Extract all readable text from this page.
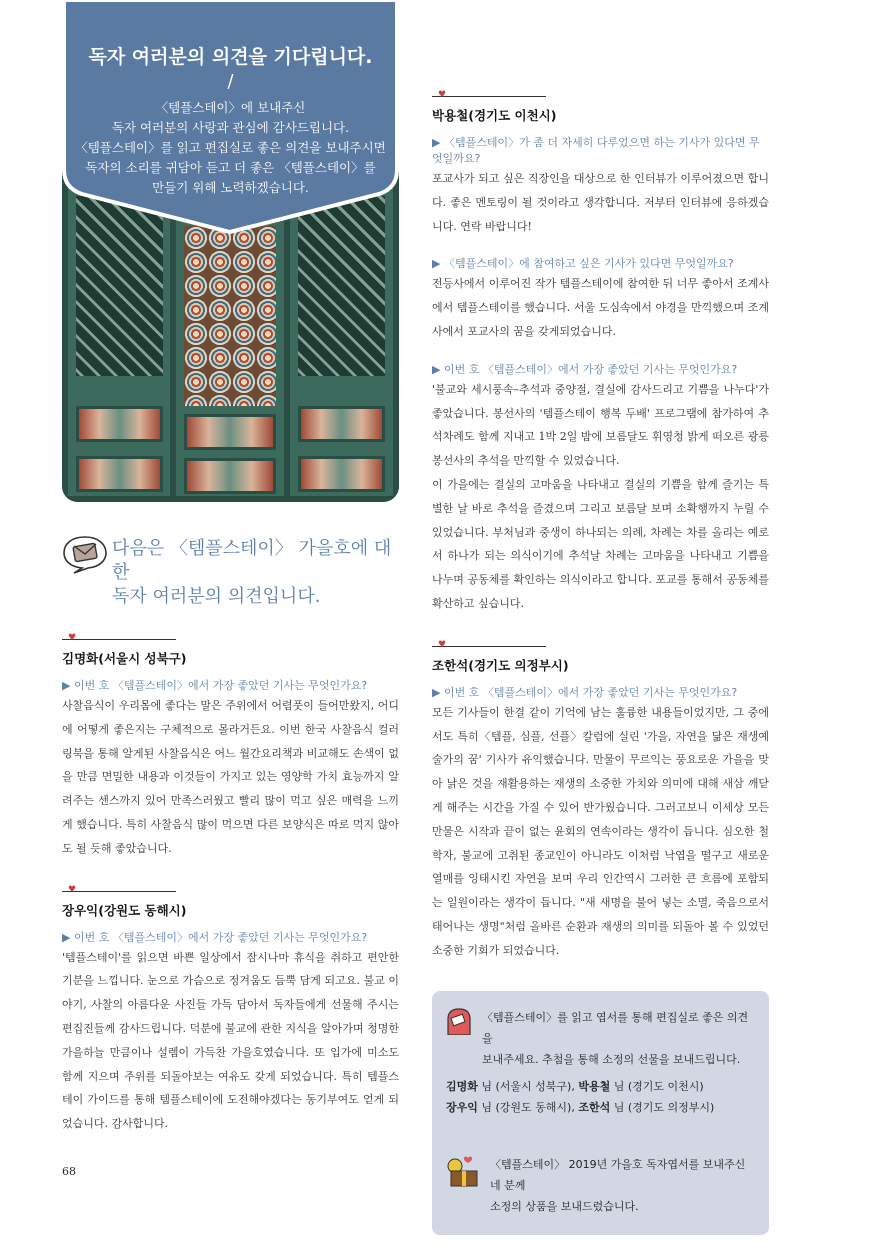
독자 여러분의 의견을 기다립니다.
/
〈템플스테이〉에 보내주신
독자 여러분의 사랑과 관심에 감사드립니다.
〈템플스테이〉를 읽고 편집실로 좋은 의견을 보내주시면
독자의 소리를 귀담아 듣고 더 좋은 〈템플스테이〉를
만들기 위해 노력하겠습니다.
다음은 〈템플스테이〉 가을호에 대한
독자 여러분의 의견입니다.
♥
김명화(서울시 성북구)
▶ 이번 호 〈템플스테이〉에서 가장 좋았던 기사는 무엇인가요?
사찰음식이 우리몸에 좋다는 말은 주위에서 어렴풋이 들어만왔지, 어디에 어떻게 좋은지는 구체적으로 몰라거든요. 이번 한국 사찰음식 컬러링북을 통해 알게된 사찰음식은 어느 월간요리책과 비교해도 손색이 없을 만큼 면밀한 내용과 이것들이 가지고 있는 영양학 가치 효능까지 알려주는 센스까지 있어 만족스러웠고 빨리 많이 먹고 싶은 매력을 느끼게 했습니다. 특히 사찰음식 많이 먹으면 다른 보양식은 따로 먹지 않아도 될 듯해 좋았습니다.
♥
장우익(강원도 동해시)
▶ 이번 호 〈템플스테이〉에서 가장 좋았던 기사는 무엇인가요?
'템플스테이'를 읽으면 바쁜 일상에서 잠시나마 휴식을 취하고 편안한 기분을 느낍니다. 눈으로 가슴으로 정겨움도 듬뿍 담게 되고요. 불교 이야기, 사찰의 아름다운 사진들 가득 담아서 독자들에게 선물해 주시는 편집진들께 감사드립니다. 덕분에 불교에 관한 지식을 알아가며 청명한 가을하늘 만큼이나 설렘이 가득찬 가을호였습니다. 또 입가에 미소도 함께 지으며 주위를 되돌아보는 여유도 갖게 되었습니다. 특히 템플스테이 가이드를 통해 템플스테이에 도전해야겠다는 동기부여도 얻게 되었습니다. 감사합니다.
68
♥
박용철(경기도 이천시)
▶ 〈템플스테이〉가 좀 더 자세히 다루었으면 하는 기사가 있다면 무엇일까요?
포교사가 되고 싶은 직장인을 대상으로 한 인터뷰가 이루어졌으면 합니다. 좋은 멘토링이 될 것이라고 생각합니다. 저부터 인터뷰에 응하겠습니다. 연락 바랍니다!
▶ 〈템플스테이〉에 참여하고 싶은 기사가 있다면 무엇일까요?
전등사에서 이루어진 작가 템플스테이에 참여한 뒤 너무 좋아서 조계사에서 템플스테이를 했습니다. 서울 도심속에서 야경을 만끽했으며 조계사에서 포교사의 꿈을 갖게되었습니다.
▶ 이번 호 〈템플스테이〉에서 가장 좋았던 기사는 무엇인가요?
'불교와 세시풍속–추석과 중양절, 결실에 감사드리고 기쁨을 나누다'가 좋았습니다. 봉선사의 '템플스테이 행복 두배' 프로그램에 참가하여 추석차례도 함께 지내고 1박 2일 밤에 보름달도 휘영청 밝게 떠오른 광릉 봉선사의 추석을 만끽할 수 있었습니다.
이 가을에는 결실의 고마움을 나타내고 결실의 기쁨을 함께 즐기는 특별한 날 바로 추석을 즐겼으며 그리고 보름달 보며 소확행까지 누릴 수 있었습니다. 부처님과 중생이 하나되는 의례, 차례는 차를 올리는 예로서 하나가 되는 의식이기에 추석날 차례는 고마움을 나타내고 기쁨을 나누며 공동체를 확인하는 의식이라고 합니다. 포교를 통해서 공동체를 확산하고 싶습니다.
♥
조한석(경기도 의정부시)
▶ 이번 호 〈템플스테이〉에서 가장 좋았던 기사는 무엇인가요?
모든 기사들이 한결 같이 기억에 남는 훌륭한 내용들이었지만, 그 중에서도 특히〈템플, 심플, 선플〉칼럼에 실린 '가을, 자연을 닮은 재생예술가의 꿈' 기사가 유익했습니다. 만물이 무르익는 풍요로운 가을을 맞아 낡은 것을 재활용하는 재생의 소중한 가치와 의미에 대해 새삼 깨닫게 해주는 시간을 가질 수 있어 반가웠습니다. 그러고보니 이세상 모든 만물은 시작과 끝이 없는 윤회의 연속이라는 생각이 듭니다. 심오한 철학자, 불교에 고취된 종교인이 아니라도 이처럼 낙엽을 떨구고 새로운 열매를 잉태시킨 자연을 보며 우리 인간역시 그러한 큰 흐름에 포함되는 일원이라는 생각이 듭니다. "새 새명을 불어 넣는 소멸, 죽음으로서 태어나는 생명"처럼 올바른 순환과 재생의 의미를 되돌아 볼 수 있었던 소중한 기회가 되었습니다.
〈템플스테이〉를 읽고 엽서를 통해 편집실로 좋은 의견을
보내주세요. 추첨을 통해 소정의 선물을 보내드립니다.
김명화 님 (서울시 성북구), 박용철 님 (경기도 이천시)
장우익 님 (강원도 동해시), 조한석 님 (경기도 의정부시)
〈템플스테이〉 2019년 가을호 독자엽서를 보내주신 네 분께
소정의 상품을 보내드렸습니다.
